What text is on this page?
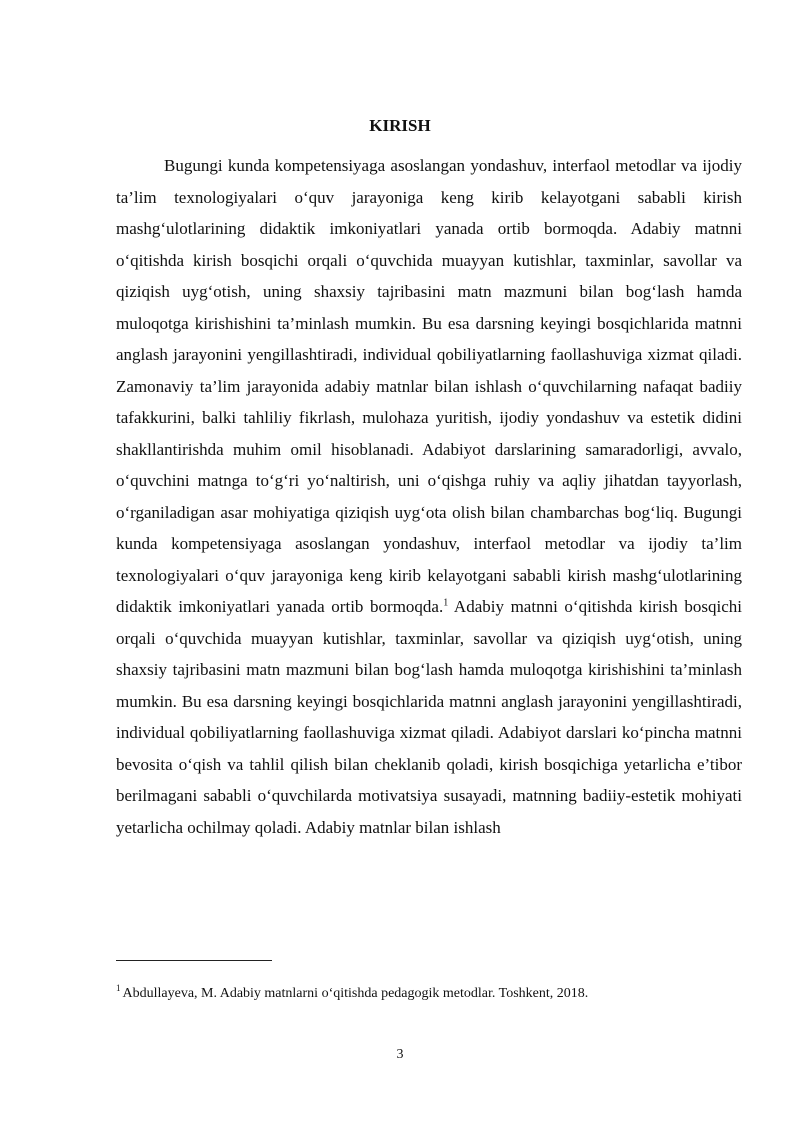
KIRISH

Bugungi kunda kompetensiyaga asoslangan yondashuv, interfaol metodlar va ijodiy ta’lim texnologiyalari o‘quv jarayoniga keng kirib kelayotgani sababli kirish mashg‘ulotlarining didaktik imkoniyatlari yanada ortib bormoqda. Adabiy matnni o‘qitishda kirish bosqichi orqali o‘quvchida muayyan kutishlar, taxminlar, savollar va qiziqish uyg‘otish, uning shaxsiy tajribasini matn mazmuni bilan bog‘lash hamda muloqotga kirishishini ta’minlash mumkin. Bu esa darsning keyingi bosqichlarida matnni anglash jarayonini yengillashtiradi, individual qobiliyatlarning faollashuviga xizmat qiladi. Zamonaviy ta’lim jarayonida adabiy matnlar bilan ishlash o‘quvchilarning nafaqat badiiy tafakkurini, balki tahliliy fikrlash, mulohaza yuritish, ijodiy yondashuv va estetik didini shakllantirishda muhim omil hisoblanadi. Adabiyot darslarining samaradorligi, avvalo, o‘quvchini matnga to‘g‘ri yo‘naltirish, uni o‘qishga ruhiy va aqliy jihatdan tayyorlash, o‘rganiladigan asar mohiyatiga qiziqish uyg‘ota olish bilan chambarchas bog‘liq. Bugungi kunda kompetensiyaga asoslangan yondashuv, interfaol metodlar va ijodiy ta’lim texnologiyalari o‘quv jarayoniga keng kirib kelayotgani sababli kirish mashg‘ulotlarining didaktik imkoniyatlari yanada ortib bormoqda.$^1$ Adabiy matnni o‘qitishda kirish bosqichi orqali o‘quvchida muayyan kutishlar, taxminlar, savollar va qiziqish uyg‘otish, uning shaxsiy tajribasini matn mazmuni bilan bog‘lash hamda muloqotga kirishishini ta’minlash mumkin. Bu esa darsning keyingi bosqichlarida matnni anglash jarayonini yengillashtiradi, individual qobiliyatlarning faollashuviga xizmat qiladi. Adabiyot darslari ko‘pincha matnni bevosita o‘qish va tahlil qilish bilan cheklanib qoladi, kirish bosqichiga yetarlicha e’tibor berilmagani sababli o‘quvchilarda motivatsiya susayadi, matnning badiiy-estetik mohiyati yetarlicha ochilmay qoladi. Adabiy matnlar bilan ishlash

$^1$ Abdullayeva, M. Adabiy matnlarni o‘qitishda pedagogik metodlar. Toshkent, 2018.
3
